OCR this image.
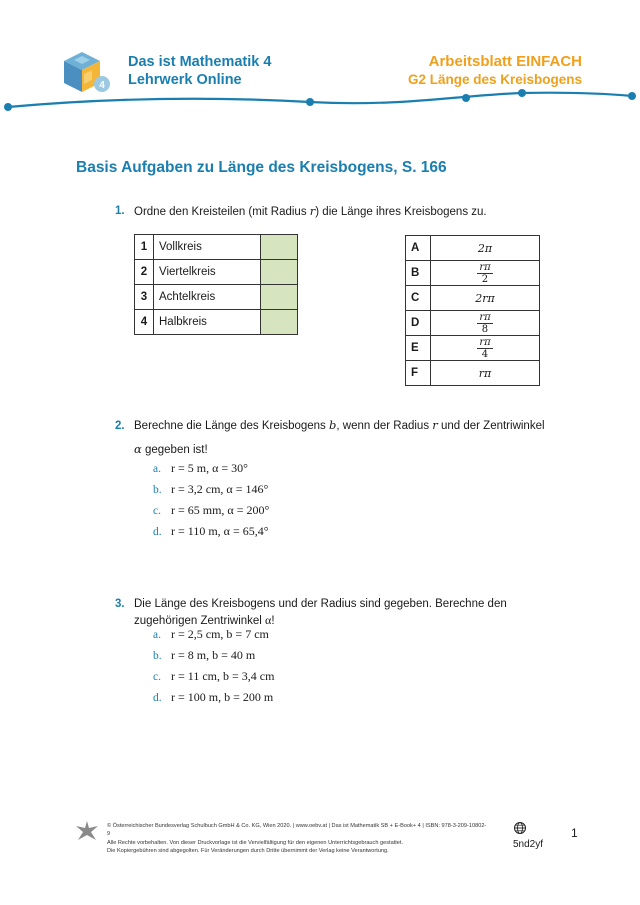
4
Das ist Mathematik 4
Lehrwerk Online
Arbeitsblatt EINFACH
G2 Länge des Kreisbogens
Basis Aufgaben zu Länge des Kreisbogens, S. 166
1. Ordne den Kreisteilen (mit Radius r) die Länge ihres Kreisbogens zu.
1	Vollkreis	
2	Viertelkreis	
3	Achtelkreis	
4	Halbkreis	
A	2π
B	$\frac{r\pi}{2}$

C	2rπ
D	$\frac{r\pi}{8}$

E	$\frac{r\pi}{4}$

F	rπ
2. Berechne die Länge des Kreisbogens b, wenn der Radius r und der Zentriwinkel
α gegeben ist!
a. r = 5 m, α = 30°
b. r = 3,2 cm, α = 146°
c. r = 65 mm, α = 200°
d. r = 110 m, α = 65,4°
3. Die Länge des Kreisbogens und der Radius sind gegeben. Berechne den
zugehörigen Zentriwinkel α!
a. r = 2,5 cm, b = 7 cm
b. r = 8 m, b = 40 m
c. r = 11 cm, b = 3,4 cm
d. r = 100 m, b = 200 m
© Österreichischer Bundesverlag Schulbuch GmbH & Co. KG, Wien 2020. | www.oebv.at | Das ist Mathematik SB + E-Book+ 4 | ISBN: 978-3-209-10802-9
Alle Rechte vorbehalten. Von dieser Druckvorlage ist die Vervielfältigung für den eigenen Unterrichtsgebrauch gestattet.
Die Kopiergebühren sind abgegolten. Für Veränderungen durch Dritte übernimmt der Verlag keine Verantwortung.
5nd2yf
1
